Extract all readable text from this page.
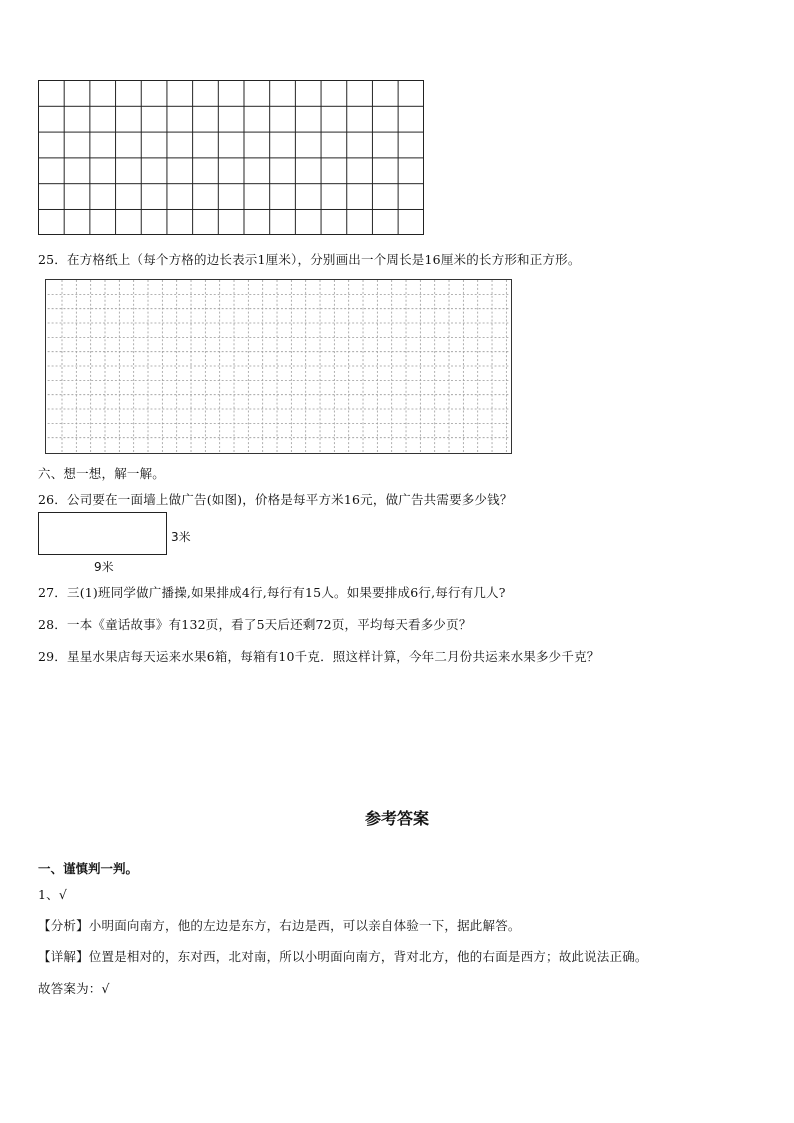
25．在方格纸上（每个方格的边长表示1厘米），分别画出一个周长是16厘米的长方形和正方形。
六、想一想，解一解。
26．公司要在一面墙上做广告(如图)，价格是每平方米16元，做广告共需要多少钱？
3米
9米
27．三(1)班同学做广播操,如果排成4行,每行有15人。如果要排成6行,每行有几人?
28．一本《童话故事》有132页，看了5天后还剩72页，平均每天看多少页？
29．星星水果店每天运来水果6箱，每箱有10千克．照这样计算，今年二月份共运来水果多少千克？
参考答案
一、谨慎判一判。
1、√
【分析】小明面向南方，他的左边是东方，右边是西，可以亲自体验一下，据此解答。
【详解】位置是相对的，东对西，北对南，所以小明面向南方，背对北方，他的右面是西方；故此说法正确。
故答案为：√
